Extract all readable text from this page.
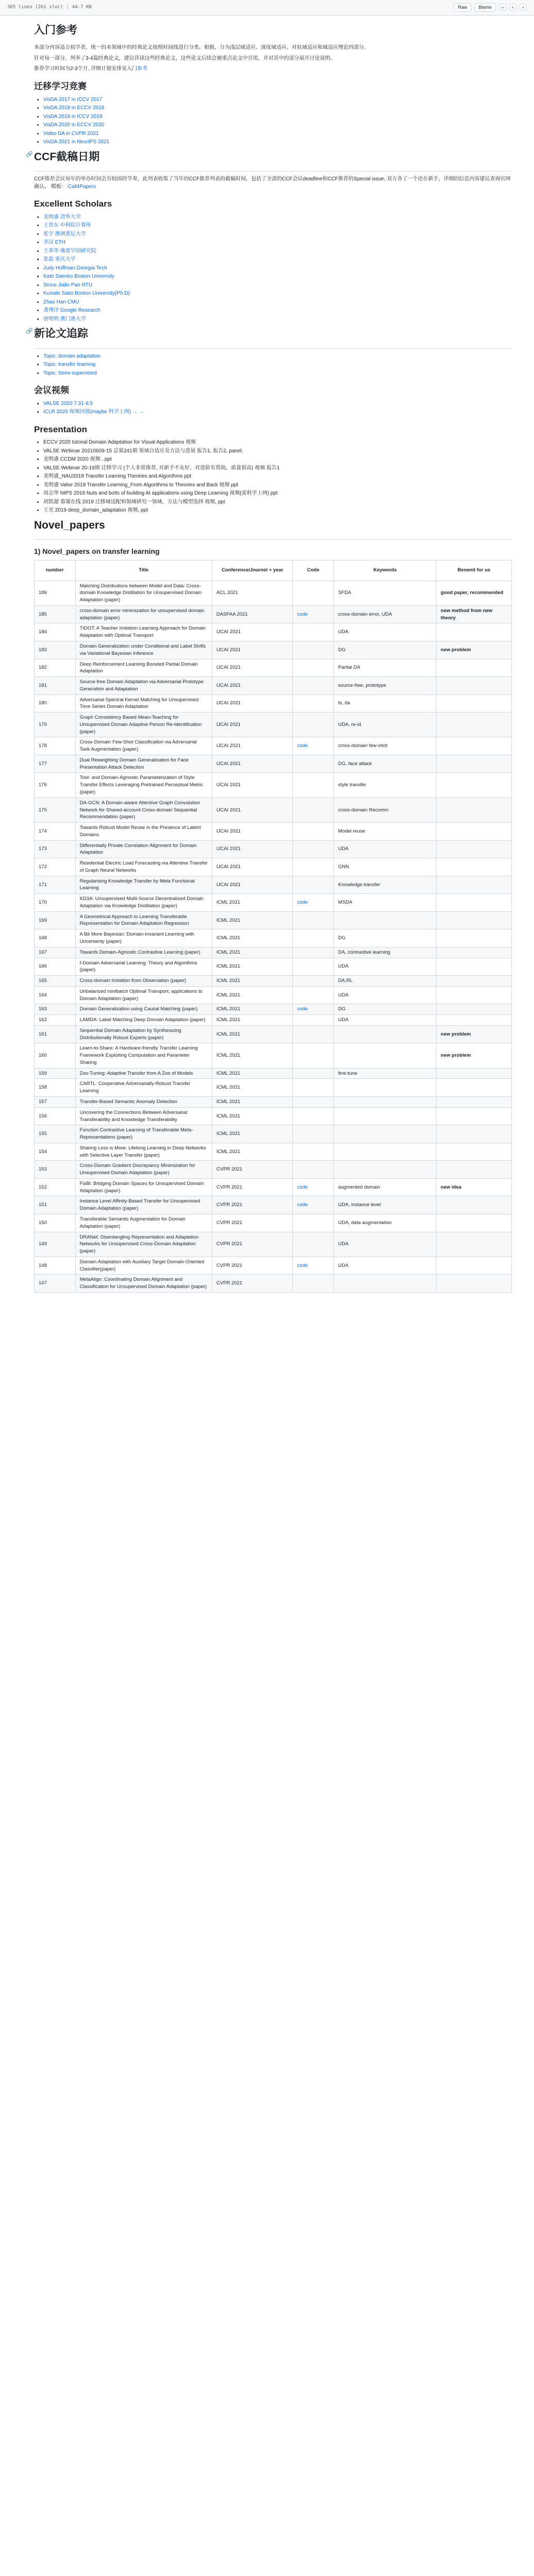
305 lines (261 sloc) | 44.7 KB	Raw	Blame	▭	✎	✕
入门参考

本部分内容适合初学者，统一的本领域中的经典论文按照时间线进行分类。根据，分为浅层域适应、深度域适应、对抗域适应和域适应理论四部分。

针对每一部分，列举了3-4篇经典论文，建议详读这些经典论文，这些论文后续会被重点论文中引用，并对其中的部分展开讨论说明。

推荐学习时间为2-3个月, 详细计划安排见入门参考

迁移学习竞赛
• VisDA 2017 in ICCV 2017
• VisDA 2018 in ECCV 2018
• VisDA 2019 in ICCV 2019
• VisDA 2020 in ECCV 2020
• Video DA in CVPR 2021
• VisDA 2021 in NeurIPS 2021
🔗 CCF截稿日期

CCF推荐会议每年的举办时间会有较固的节奏，此列表收集了当年的CCF推荐列表的截稿时间，包括了全部的CCF会议deadline和CCF推荐的Special issue, 双方各了一个还在新手，详细的信息内容建议查询官网确认。 模板： Call4Papers

Excellent Scholars
• 龙明盛 清华大学
• 王晋东 中科院计算所
• 张宇 澳洲悉尼大学
• 李汉 ETH
• 王革华 佛蒙罕国研究院
• 张磊 重庆大学
• Judy Hoffman Georgia Tech
• Kate Saenko Boston University
• Sinno Jialin Pan NTU
• Kuniaki Saito Boston University(Ph.D)
• Zhao Han CMU
• 龚博洋 Google Research
• 唐明明 澳门港大学
🔗 新论文追踪
• Topic: domain adaptation
• Topic: transfer learning
• Topic: Semi-supervised
会议视频
• VALSE 2020 7.31-8.5
• ICLR 2020 视频回放(maybe 科学上网) → →
Presentation
• ECCV 2020 tutorial Domain Adaptation for Visual Applications 视频
• VALSE Webinar 20210609-15 总第241期 领域自适应及方法与进展 报告1, 报告2, panel,
• 龙明盛 CCDM 2020 视频 , ppt
• VALSE Webinar 20-19期 迁移学习 (个人非常推荐, 对新手不友好，对进阶有帮助，质量很高) 视频 报告1
• 龙明盛_NAU2019 Transfer Learning Theories and Algorithms ppt
• 龙明盛 Valse 2019 Transfer Learning_From Algorithms to Theories and Back 视频 ppt
• 周志华 NIPS 2016 Nuts and bolts of building AI applications using Deep Learning 视频(需科学上网) ppt
• 胡凯超 慕课在线 2019 迁移域适配和领域研究一领域，方法与模型选择 视频, ppt
• 王光 2019 deep_domain_adaptation 视频, ppt
Novel_papers
1) Novel_papers on transfer learning
number	Title	Conference/Journel + year	Code	Keywords	Benenit for us
186	Matching Distributions between Model and Data: Cross-domain Knowledge Distillation for Unsupervised Domain Adaptation (paper)	ACL 2021		SFDA	good paper, recommended
185	cross-domain error minimization for unsupervised domain adaptation (paper)	DASFAA 2021	code	cross-domain error, UDA	new method from new theory
184	TIDOT: A Teacher Imitation Learning Approach for Domain Adaptation with Optimal Transport	IJCAI 2021		UDA	
183	Domain Generalization under Conditional and Label Shifts via Variational Bayesian Inference	IJCAI 2021		DG	new problem
182	Deep Reinforcement Learning Boosted Partial Domain Adaptation	IJCAI 2021		Partial DA	
181	Source-free Domain Adaptation via Adversarial Prototype Generation and Adaptation	IJCAI 2021		source-free, prototype	
180	Adversarial Spectral Kernel Matching for Unsupervised Time Series Domain Adaptation	IJCAI 2021		ts, da	
179	Graph Consistency Based Mean-Teaching for Unsupervised Domain Adaptive Person Re-Identification (paper)	IJCAI 2021		UDA, re-id	
178	Cross-Domain Few-Shot Classification via Adversarial Task Augmentation (paper)	IJCAI 2021	code	cross-domain few-shot	
177	Dual Reweighting Domain Generalization for Face Presentation Attack Detection	IJCAI 2021		DG, face attack	
176	Tool- and Domain-Agnostic Parameterization of Style Transfer Effects Leveraging Pretrained Perceptual Metric (paper)	IJCAI 2021		style transfer	
175	DA-GCN: A Domain-aware Attentive Graph Convolution Network for Shared-account Cross-domain Sequential Recommendation (paper)	IJCAI 2021		cross-domain Recomm	
174	Towards Robust Model Reuse in the Presence of Latent Domains	IJCAI 2021		Model reuse	
173	Differentially Private Correlation Alignment for Domain Adaptation	IJCAI 2021		UDA	
172	Residential Electric Load Forecasting via Attentive Transfer of Graph Neural Networks	IJCAI 2021		GNN	
171	Regularising Knowledge Transfer by Meta Functional Learning	IJCAI 2021		Knowledge transfer	
170	KD3A: Unsupervised Multi-Source Decentralized Domain Adaptation via Knowledge Distillation (paper)	ICML 2021	code	MSDA	
169	A Geometrical Approach to Learning Transferable Representation for Domain Adaptation Regression	ICML 2021			
168	A Bit More Bayesian: Domain-Invariant Learning with Uncertainty (paper)	ICML 2021		DG	
167	Towards Domain-Agnostic Contrastive Learning (paper)	ICML 2021		DA, contrastive learning	
166	f-Domain Adversarial Learning: Theory and Algorithms (paper)	ICML 2021		UDA	
165	Cross-domain Imitation from Observation (paper)	ICML 2021		DA,RL	
164	Unbalanced minibatch Optimal Transport; applications to Domain Adaptation (paper)	ICML 2021		UDA	
163	Domain Generalization using Causal Matching (paper)	ICML 2021	code	DG	
162	LAMDA: Label Matching Deep Domain Adaptation (paper)	ICML 2021		UDA	
161	Sequential Domain Adaptation by Synthesizing Distributionally Robust Experts (paper)	ICML 2021			new problem
160	Learn-to-Share: A Hardware-friendly Transfer Learning Framework Exploiting Computation and Parameter Sharing	ICML 2021			new problem
159	Zoo-Tuning: Adaptive Transfer from A Zoo of Models	ICML 2021		fine-tune	
158	CARTL: Cooperative Adversarially-Robust Transfer Learning	ICML 2021			
157	Transfer-Based Semantic Anomaly Detection	ICML 2021			
156	Uncovering the Connections Between Adversarial Transferability and Knowledge Transferability	ICML 2021			
155	Function Contrastive Learning of Transferable Meta-Representations (paper)	ICML 2021			
154	Sharing Less is More: Lifelong Learning in Deep Networks with Selective Layer Transfer (paper)	ICML 2021			
153	Cross-Domain Gradient Discrepancy Minimization for Unsupervised Domain Adaptation (paper)	CVPR 2021			
152	FixBi: Bridging Domain Spaces for Unsupervised Domain Adaptation (paper)	CVPR 2021	code	augmented domain	new idea
151	Instance Level Affinity-Based Transfer for Unsupervised Domain Adaptation (paper)	CVPR 2021	code	UDA, instance level	
150	Transferable Semantic Augmentation for Domain Adaptation (paper)	CVPR 2021		UDA, data augmentation	
149	DRANet: Disentangling Representation and Adaptation Networks for Unsupervised Cross-Domain Adaptation (paper)	CVPR 2021		UDA	
148	Domain Adaptation with Auxiliary Target Domain-Oriented Classifier(paper)	CVPR 2021	code	UDA	
147	MetaAlign: Coordinating Domain Alignment and Classification for Unsupervised Domain Adaptation (paper)	CVPR 2021			
